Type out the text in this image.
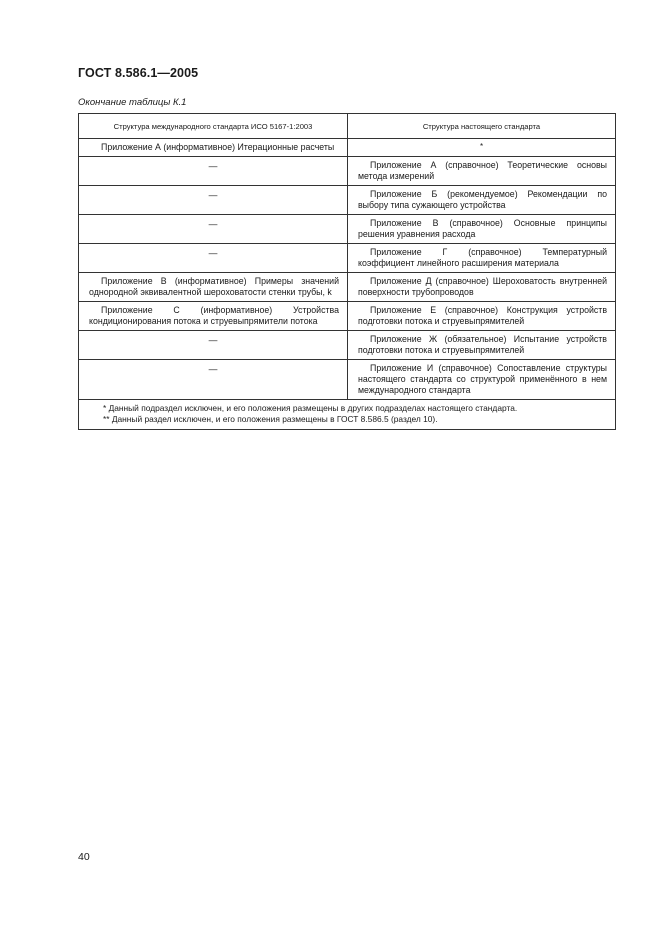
ГОСТ 8.586.1—2005
Окончание таблицы К.1
Структура международного стандарта ИСО 5167-1:2003	Структура настоящего стандарта

Приложение А (информативное) Итерационные расчеты	*
—	Приложение А (справочное) Теоретические основы метода измерений

—	Приложение Б (рекомендуемое) Рекомендации по выбору типа сужающего устройства

—	Приложение В (справочное) Основные принципы решения уравнения расхода

—	Приложение Г (справочное) Температурный коэффициент линейного расширения материала

Приложение В (информативное) Примеры значений однородной эквивалентной шероховатости стенки трубы, k	Приложение Д (справочное) Шероховатость внутренней поверхности трубопроводов

Приложение С (информативное) Устройства кондиционирования потока и струевыпрямители потока	Приложение Е (справочное) Конструкция устройств подготовки потока и струевыпрямителей

—	Приложение Ж (обязательное) Испытание устройств подготовки потока и струевыпрямителей

—	Приложение И (справочное) Сопоставление структуры настоящего стандарта со структурой применённого в нем международного стандарта

* Данный подраздел исключен, и его положения размещены в других подразделах настоящего стандарта.
** Данный раздел исключен, и его положения размещены в ГОСТ 8.586.5 (раздел 10).	
40
